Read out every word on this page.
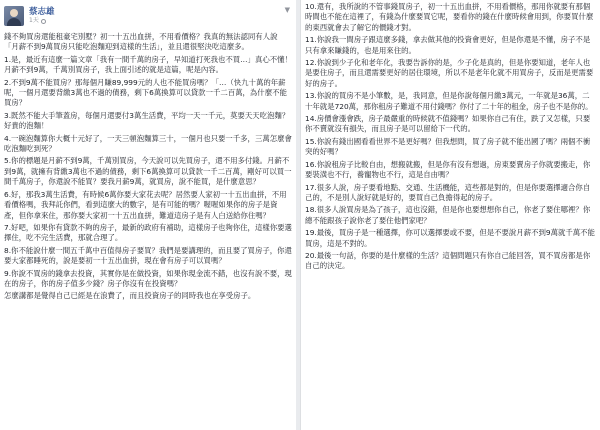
蔡志雄
1天
▼

錢不夠買房還能租豪宅別墅？初一十五出血拼，不用看價格？我真的無法認同有人說「月薪不到9萬買房只能吃泡麵迎到這樣的生活」，並且還很堅決吃這麼多。

1.是，最近有這麼一篇文章「我有一間千萬的房子，早知道打死我也不買…」真心不懂！月薪不到9萬，千萬別買房子，我上面引述的就是這篇，呢是內容。

2.不到9萬不能買房？那每個月賺89,999元的人也不能買房嗎？「…（快九十萬的年薪呢，一個月還要背繳3萬也不過的債務，剩下6萬換算可以貸款一千二百萬，為什麼不能買房？

3.既然不能大手筆蓋房，每個月還要付3萬生活費，平均一天一千元，莫要天天吃泡麵？好貴的泡麵！

4.一碗泡麵算你大概十元好了，一天三頓泡麵算三十，一個月也只要一千多，三萬怎麼會吃泡麵吃到死？

5.你的標題是月薪不到9萬，千萬別買房，今天說可以先買房子，還不用多付錢。月薪不到9萬，就擁有背繳3萬也不過的債務，剩下6萬換算可以貸款一千二百萬，剛好可以買一間千萬房子，你還說不能買？要我月薪9萬，就買房，說不能買，是什麼意思？

6.好，那我3萬生活費，有時候6萬你要大家花去呢？居然要人家初一十五出血拼，不用看價格嗎，我拜託你們，看到這麼大的數字，是有可能的嗎？喔喔如果你的房子是資產，但你拿來住，那你要大家初一十五出血拼，難道這房子是有人白送給你住嗎？

7.好吧，如果你有貸款不夠的房子，最新的政府有補助，這樣房子也夠你住，這樣你要選擇住，吃不完生活費，那就合理了。

8.你不能說什麼一間五千萬中百值得房子要買？我們是要講理的，而且要了買房子，你還要大家都睡死的，說是要初一十五出血拼，現在會有房子可以買嗎？

9.你說不買房的錢拿去投資，其實你是在做投資，如果你現金流不錯，也沒有說不要，現在的房子，你的房子值多少錢？房子你沒有在投資嗎？

怎麼講都是覺得自己已經是在浪費了，而且投資房子的同時我也在享受房子。

10.還有，我所說的不管事錢買房子，初一十五出血拼，不用看價格，那用你就要有那個時間也不能在這裡了，有錢為什麼要買它呢，要看你的錢在什麼時候會用到，你要買什麼的東西就會去了解它的價錢才對。

11.你說我一間房子跟這麼多錢，拿去做其他的投資會更好，但是你還是不懂，房子不是只有拿來賺錢的，也是用來住的。

12.你說到少子化和老年化，我要告訴你的是，少子化是真的，但是你要知道，老年人也是要住房子，而且還需要更好的居住環境，所以不是老年化就不用買房子，反而是更需要好的房子。

13.你說的買房不是小筆數，是，我同意，但是你說每個月繳3萬元，一年就是36萬，二十年就是720萬，那你租房子難道不用付錢嗎？你付了二十年的租金，房子也不是你的。

14.房價會漲會跌，房子最嚴重的時候就不值錢嗎？如果你自己有住，跌了又怎樣，只要你不賣就沒有損失，而且房子是可以留給下一代的。

15.你說有錢出國看看世界不是更好嗎？但我想問，買了房子就不能出國了嗎？兩個不衝突的好嗎？

16.你說租房子比較自由，想搬就搬，但是你有沒有想過，房東要賣房子你就要搬走，你要裝潢也不行，養寵物也不行，這是自由嗎？

17.很多人說，房子要看地點、交通、生活機能，這些都是對的，但是你要選擇適合你自己的，不是別人說好就是好的，要買自己負擔得起的房子。

18.很多人說買房是為了孩子，這也沒錯，但是你也要想想你自己，你老了要住哪裡？你總不能跟孩子說你老了要住他們家吧？

19.最後，買房子是一種選擇，你可以選擇要或不要，但是不要說月薪不到9萬就千萬不能買房，這是不對的。

20.最後一句話，你要的是什麼樣的生活？這個問題只有你自己能回答，買不買房都是你自己的決定。
